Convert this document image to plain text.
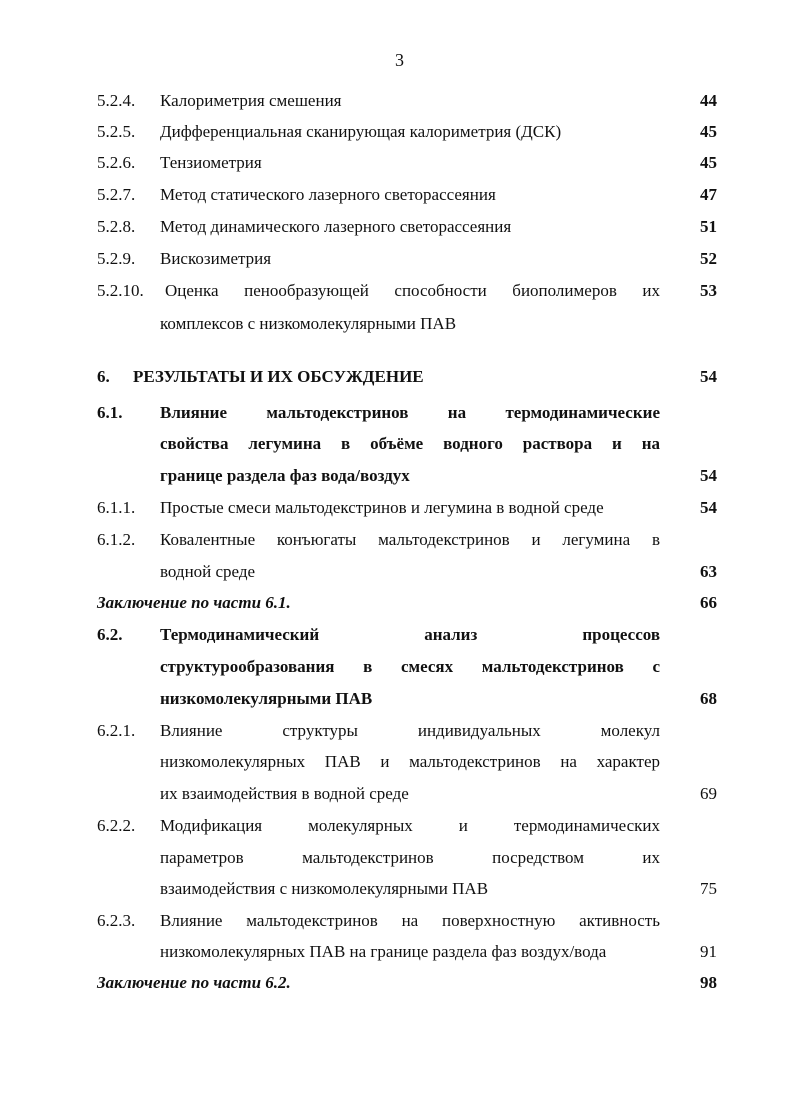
3
5.2.4. Калориметрия смешения	44
5.2.5. Дифференциальная сканирующая калориметрия (ДСК)	45
5.2.6. Тензиометрия	45
5.2.7. Метод статического лазерного светорассеяния	47
5.2.8. Метод динамического лазерного светорассеяния	51
5.2.9. Вискозиметрия	52
5.2.10. Оценка пенообразующей способности биополимеров их 53
комплексов с низкомолекулярными ПАВ
6. РЕЗУЛЬТАТЫ И ИХ ОБСУЖДЕНИЕ	54
6.1. Влияние мальтодекстринов на термодинамические
свойства легумина в объёме водного раствора и на
границе раздела фаз вода/воздух	54
6.1.1. Простые смеси мальтодекстринов и легумина в водной среде	54
6.1.2. Ковалентные конъюгаты мальтодекстринов и легумина в
водной среде	63
Заключение по части 6.1.	66
6.2. Термодинамический анализ процессов
структурообразования в смесях мальтодекстринов с
низкомолекулярными ПАВ	68
6.2.1. Влияние структуры индивидуальных молекул
низкомолекулярных ПАВ и мальтодекстринов на характер
их взаимодействия в водной среде	69
6.2.2. Модификация молекулярных и термодинамических
параметров мальтодекстринов посредством их
взаимодействия с низкомолекулярными ПАВ	75
6.2.3. Влияние мальтодекстринов на поверхностную активность
низкомолекулярных ПАВ на границе раздела фаз воздух/вода	91
Заключение по части 6.2.	98
